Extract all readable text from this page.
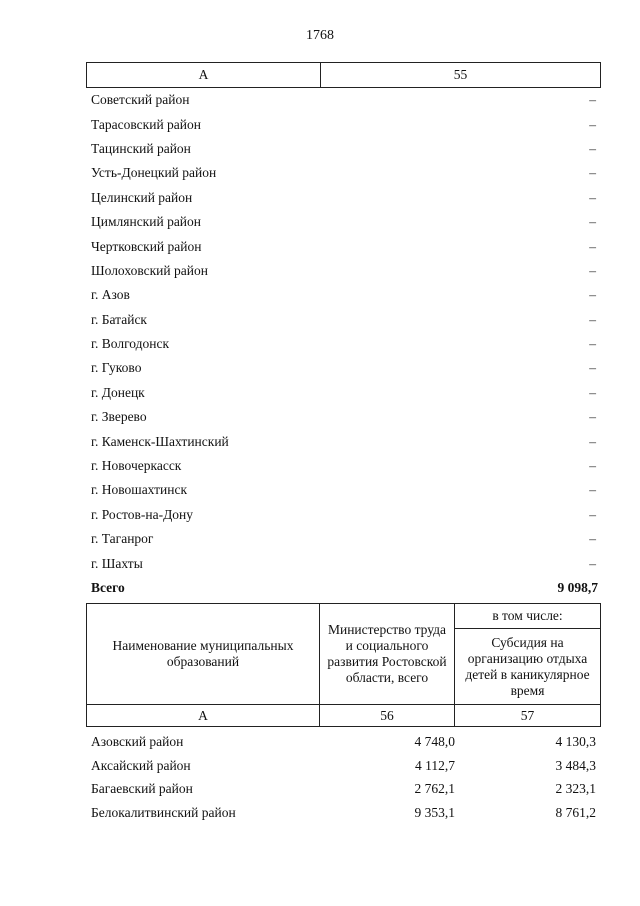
1768
А	55
Советский район	–
Тарасовский район	–
Тацинский район	–
Усть-Донецкий район	–
Целинский район	–
Цимлянский район	–
Чертковский район	–
Шолоховский район	–
г. Азов	–
г. Батайск	–
г. Волгодонск	–
г. Гуково	–
г. Донецк	–
г. Зверево	–
г. Каменск-Шахтинский	–
г. Новочеркасск	–
г. Новошахтинск	–
г. Ростов-на-Дону	–
г. Таганрог	–
г. Шахты	–
Всего	9 098,7
Наименование муниципальных образований	Министерство труда и социального развития Ростовской области, всего	в том числе:
		Субсидия на организацию отдыха детей в каникулярное время
А	56	57
Азовский район	4 748,0	4 130,3
Аксайский район	4 112,7	3 484,3
Багаевский район	2 762,1	2 323,1
Белокалитвинский район	9 353,1	8 761,2
